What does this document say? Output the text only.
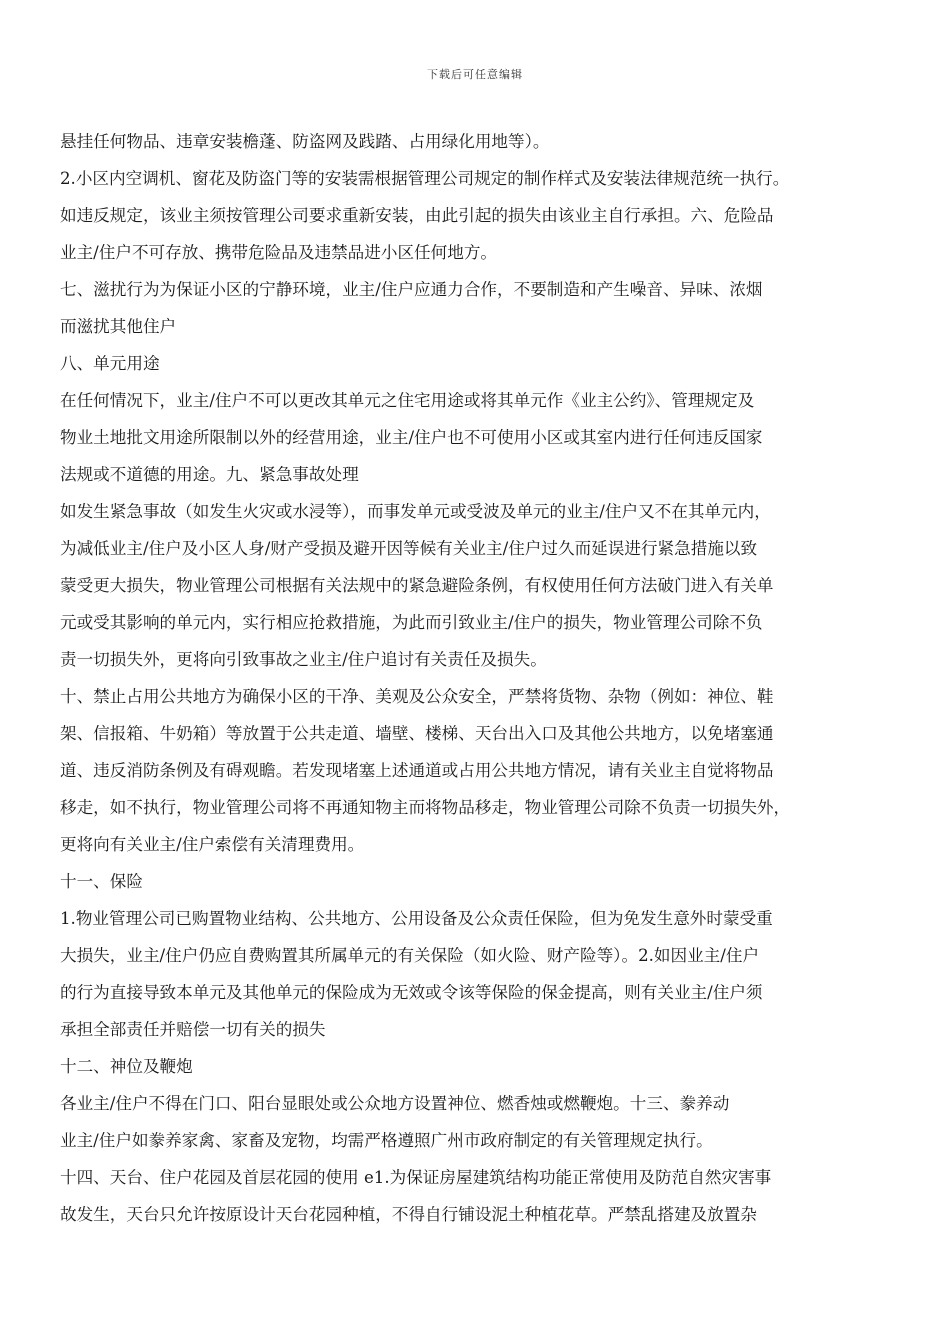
下载后可任意编辑
悬挂任何物品、违章安装檐蓬、防盗网及践踏、占用绿化用地等）。
2.小区内空调机、窗花及防盗门等的安装需根据管理公司规定的制作样式及安装法律规范统一执行。
如违反规定，该业主须按管理公司要求重新安装，由此引起的损失由该业主自行承担。六、危险品
业主/住户不可存放、携带危险品及违禁品进小区任何地方。
七、滋扰行为为保证小区的宁静环境，业主/住户应通力合作，不要制造和产生噪音、异味、浓烟
而滋扰其他住户
八、单元用途
在任何情况下，业主/住户不可以更改其单元之住宅用途或将其单元作《业主公约》、管理规定及
物业土地批文用途所限制以外的经营用途，业主/住户也不可使用小区或其室内进行任何违反国家
法规或不道德的用途。九、紧急事故处理
如发生紧急事故（如发生火灾或水浸等），而事发单元或受波及单元的业主/住户又不在其单元内，
为减低业主/住户及小区人身/财产受损及避开因等候有关业主/住户过久而延误进行紧急措施以致
蒙受更大损失，物业管理公司根据有关法规中的紧急避险条例，有权使用任何方法破门进入有关单
元或受其影响的单元内，实行相应抢救措施，为此而引致业主/住户的损失，物业管理公司除不负
责一切损失外，更将向引致事故之业主/住户追讨有关责任及损失。
十、禁止占用公共地方为确保小区的干净、美观及公众安全，严禁将货物、杂物（例如：神位、鞋
架、信报箱、牛奶箱）等放置于公共走道、墙壁、楼梯、天台出入口及其他公共地方，以免堵塞通
道、违反消防条例及有碍观瞻。若发现堵塞上述通道或占用公共地方情况，请有关业主自觉将物品
移走，如不执行，物业管理公司将不再通知物主而将物品移走，物业管理公司除不负责一切损失外，
更将向有关业主/住户索偿有关清理费用。
十一、保险
1.物业管理公司已购置物业结构、公共地方、公用设备及公众责任保险，但为免发生意外时蒙受重
大损失，业主/住户仍应自费购置其所属单元的有关保险（如火险、财产险等）。2.如因业主/住户
的行为直接导致本单元及其他单元的保险成为无效或令该等保险的保金提高，则有关业主/住户须
承担全部责任并赔偿一切有关的损失
十二、神位及鞭炮
各业主/住户不得在门口、阳台显眼处或公众地方设置神位、燃香烛或燃鞭炮。十三、豢养动
业主/住户如豢养家禽、家畜及宠物，均需严格遵照广州市政府制定的有关管理规定执行。
十四、天台、住户花园及首层花园的使用 e1.为保证房屋建筑结构功能正常使用及防范自然灾害事
故发生，天台只允许按原设计天台花园种植，不得自行铺设泥土种植花草。严禁乱搭建及放置杂
